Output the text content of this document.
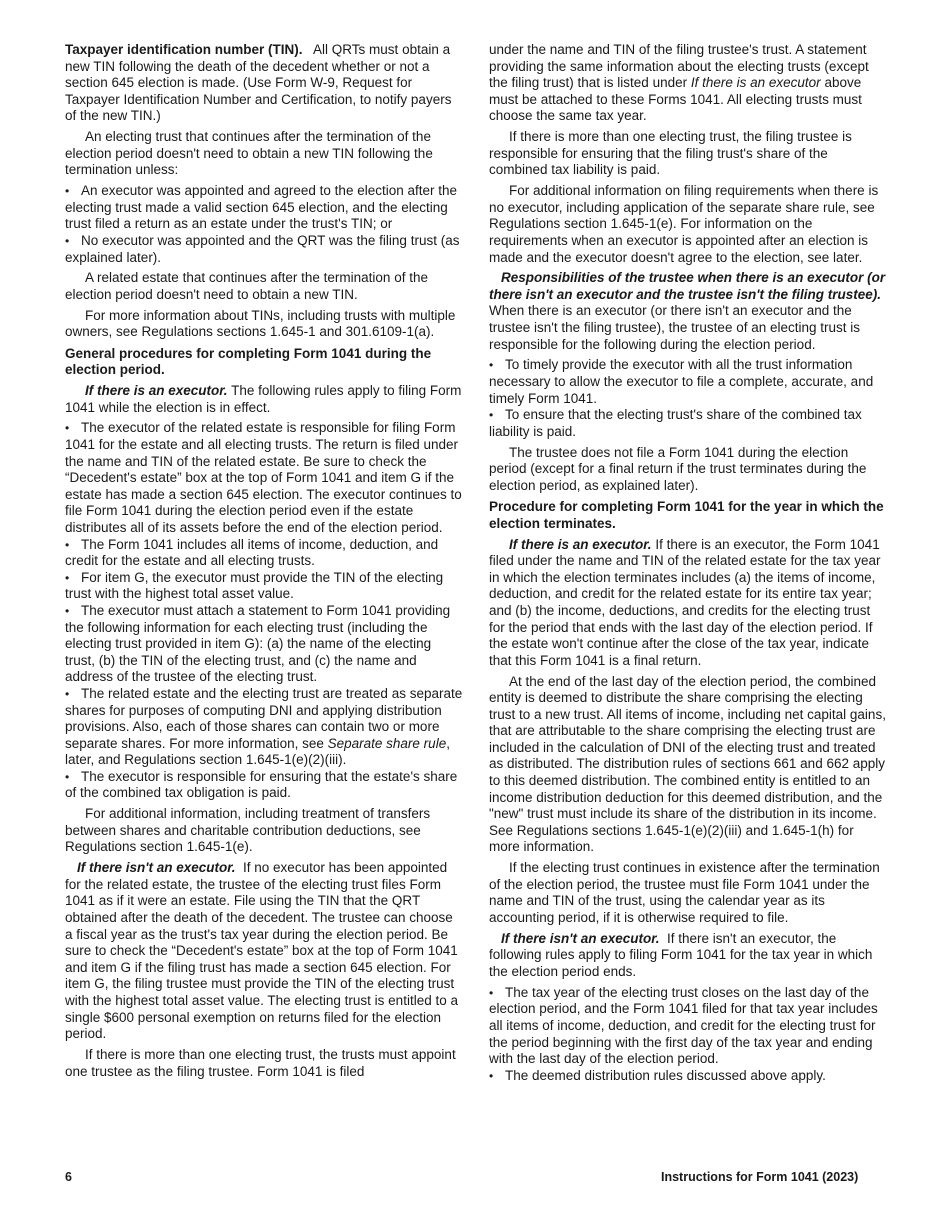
Taxpayer identification number (TIN). All QRTs must obtain a new TIN following the death of the decedent whether or not a section 645 election is made. (Use Form W-9, Request for Taxpayer Identification Number and Certification, to notify payers of the new TIN.)

An electing trust that continues after the termination of the election period doesn't need to obtain a new TIN following the termination unless:

• An executor was appointed and agreed to the election after the electing trust made a valid section 645 election, and the electing trust filed a return as an estate under the trust's TIN; or

• No executor was appointed and the QRT was the filing trust (as explained later).

A related estate that continues after the termination of the election period doesn't need to obtain a new TIN.

For more information about TINs, including trusts with multiple owners, see Regulations sections 1.645-1 and 301.6109-1(a).

General procedures for completing Form 1041 during the election period.

If there is an executor. The following rules apply to filing Form 1041 while the election is in effect.

• The executor of the related estate is responsible for filing Form 1041 for the estate and all electing trusts. The return is filed under the name and TIN of the related estate. Be sure to check the “Decedent's estate” box at the top of Form 1041 and item G if the estate has made a section 645 election. The executor continues to file Form 1041 during the election period even if the estate distributes all of its assets before the end of the election period.

• The Form 1041 includes all items of income, deduction, and credit for the estate and all electing trusts.

• For item G, the executor must provide the TIN of the electing trust with the highest total asset value.

• The executor must attach a statement to Form 1041 providing the following information for each electing trust (including the electing trust provided in item G): (a) the name of the electing trust, (b) the TIN of the electing trust, and (c) the name and address of the trustee of the electing trust.

• The related estate and the electing trust are treated as separate shares for purposes of computing DNI and applying distribution provisions. Also, each of those shares can contain two or more separate shares. For more information, see Separate share rule, later, and Regulations section 1.645-1(e)(2)(iii).

• The executor is responsible for ensuring that the estate's share of the combined tax obligation is paid.

For additional information, including treatment of transfers between shares and charitable contribution deductions, see Regulations section 1.645-1(e).

If there isn't an executor. If no executor has been appointed for the related estate, the trustee of the electing trust files Form 1041 as if it were an estate. File using the TIN that the QRT obtained after the death of the decedent. The trustee can choose a fiscal year as the trust's tax year during the election period. Be sure to check the “Decedent's estate” box at the top of Form 1041 and item G if the filing trust has made a section 645 election. For item G, the filing trustee must provide the TIN of the electing trust with the highest total asset value. The electing trust is entitled to a single $600 personal exemption on returns filed for the election period.

If there is more than one electing trust, the trusts must appoint one trustee as the filing trustee. Form 1041 is filed

under the name and TIN of the filing trustee's trust. A statement providing the same information about the electing trusts (except the filing trust) that is listed under If there is an executor above must be attached to these Forms 1041. All electing trusts must choose the same tax year.

If there is more than one electing trust, the filing trustee is responsible for ensuring that the filing trust's share of the combined tax liability is paid.

For additional information on filing requirements when there is no executor, including application of the separate share rule, see Regulations section 1.645-1(e). For information on the requirements when an executor is appointed after an election is made and the executor doesn't agree to the election, see later.

Responsibilities of the trustee when there is an executor (or there isn't an executor and the trustee isn't the filing trustee).  When there is an executor (or there isn't an executor and the trustee isn't the filing trustee), the trustee of an electing trust is responsible for the following during the election period.

• To timely provide the executor with all the trust information necessary to allow the executor to file a complete, accurate, and timely Form 1041.

• To ensure that the electing trust's share of the combined tax liability is paid.

The trustee does not file a Form 1041 during the election period (except for a final return if the trust terminates during the election period, as explained later).

Procedure for completing Form 1041 for the year in which the election terminates.

If there is an executor. If there is an executor, the Form 1041 filed under the name and TIN of the related estate for the tax year in which the election terminates includes (a) the items of income, deduction, and credit for the related estate for its entire tax year; and (b) the income, deductions, and credits for the electing trust for the period that ends with the last day of the election period. If the estate won't continue after the close of the tax year, indicate that this Form 1041 is a final return.

At the end of the last day of the election period, the combined entity is deemed to distribute the share comprising the electing trust to a new trust. All items of income, including net capital gains, that are attributable to the share comprising the electing trust are included in the calculation of DNI of the electing trust and treated as distributed. The distribution rules of sections 661 and 662 apply to this deemed distribution. The combined entity is entitled to an income distribution deduction for this deemed distribution, and the "new" trust must include its share of the distribution in its income. See Regulations sections 1.645-1(e)(2)(iii) and 1.645-1(h) for more information.

If the electing trust continues in existence after the termination of the election period, the trustee must file Form 1041 under the name and TIN of the trust, using the calendar year as its accounting period, if it is otherwise required to file.

If there isn't an executor. If there isn't an executor, the following rules apply to filing Form 1041 for the tax year in which the election period ends.

• The tax year of the electing trust closes on the last day of the election period, and the Form 1041 filed for that tax year includes all items of income, deduction, and credit for the electing trust for the period beginning with the first day of the tax year and ending with the last day of the election period.

• The deemed distribution rules discussed above apply.

6	Instructions for Form 1041 (2023)
